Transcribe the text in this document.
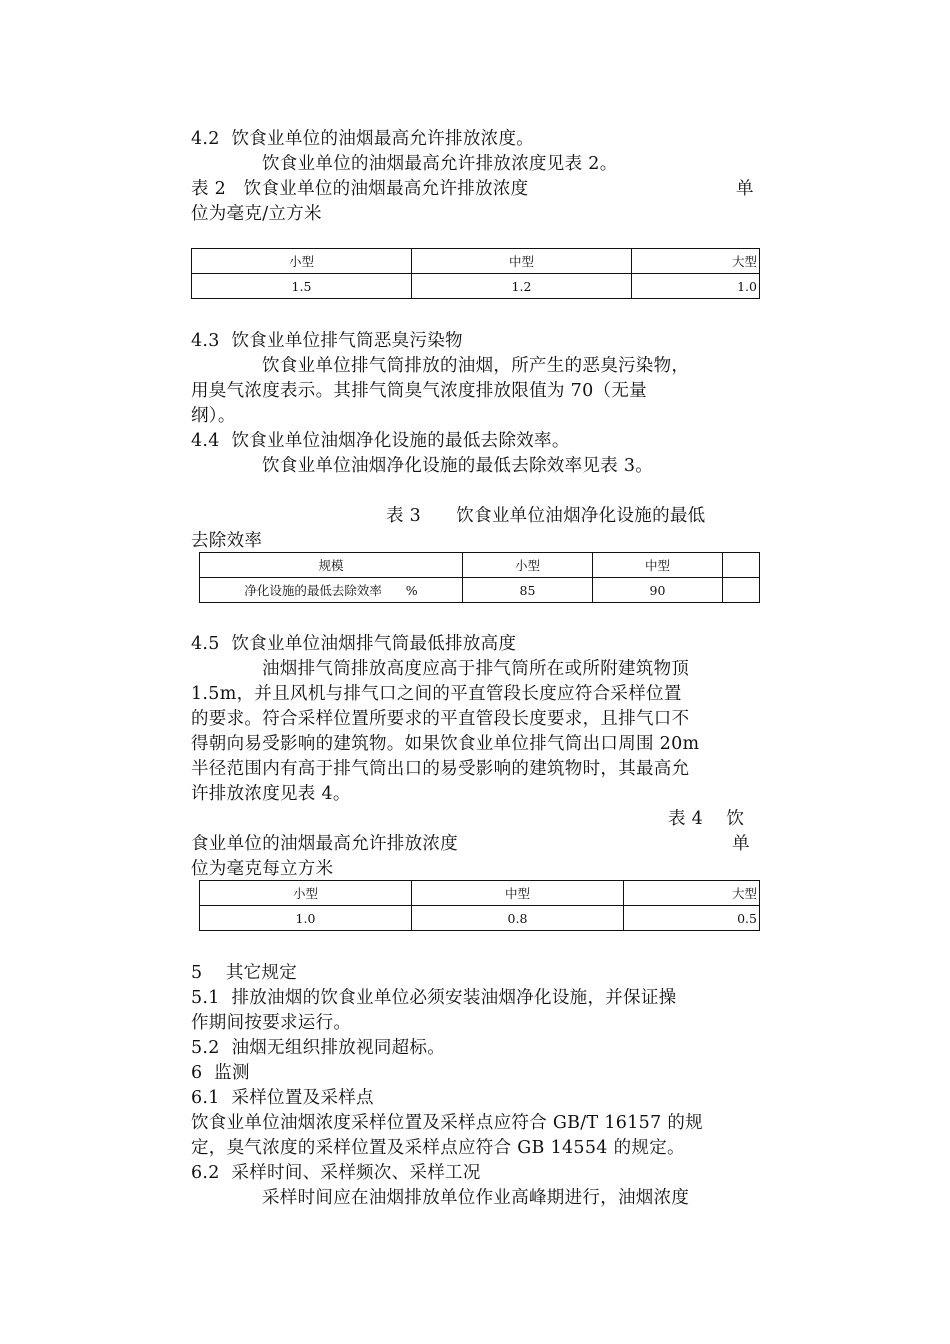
4.2  饮食业单位的油烟最高允许排放浓度。
饮食业单位的油烟最高允许排放浓度见表 2。
表 2   饮食业单位的油烟最高允许排放浓度	单
位为毫克/立方米
小型	中型	大型
1.5	1.2	1.0
4.3  饮食业单位排气筒恶臭污染物
饮食业单位排气筒排放的油烟，所产生的恶臭污染物，
用臭气浓度表示。其排气筒臭气浓度排放限值为 70（无量
纲）。
4.4  饮食业单位油烟净化设施的最低去除效率。
饮食业单位油烟净化设施的最低去除效率见表 3。
表 3      饮食业单位油烟净化设施的最低
去除效率
规模	小型	中型	
净化设施的最低去除效率      %	85	90	
4.5  饮食业单位油烟排气筒最低排放高度
油烟排气筒排放高度应高于排气筒所在或所附建筑物顶
1.5m，并且风机与排气口之间的平直管段长度应符合采样位置
的要求。符合采样位置所要求的平直管段长度要求，且排气口不
得朝向易受影响的建筑物。如果饮食业单位排气筒出口周围 20m
半径范围内有高于排气筒出口的易受影响的建筑物时，其最高允
许排放浓度见表 4。
表 4    饮
食业单位的油烟最高允许排放浓度	单
位为毫克每立方米
小型	中型	大型
1.0	0.8	0.5
5    其它规定
5.1  排放油烟的饮食业单位必须安装油烟净化设施，并保证操
作期间按要求运行。
5.2  油烟无组织排放视同超标。
6  监测
6.1  采样位置及采样点
饮食业单位油烟浓度采样位置及采样点应符合 GB/T 16157 的规
定，臭气浓度的采样位置及采样点应符合 GB 14554 的规定。
6.2  采样时间、采样频次、采样工况
采样时间应在油烟排放单位作业高峰期进行，油烟浓度
